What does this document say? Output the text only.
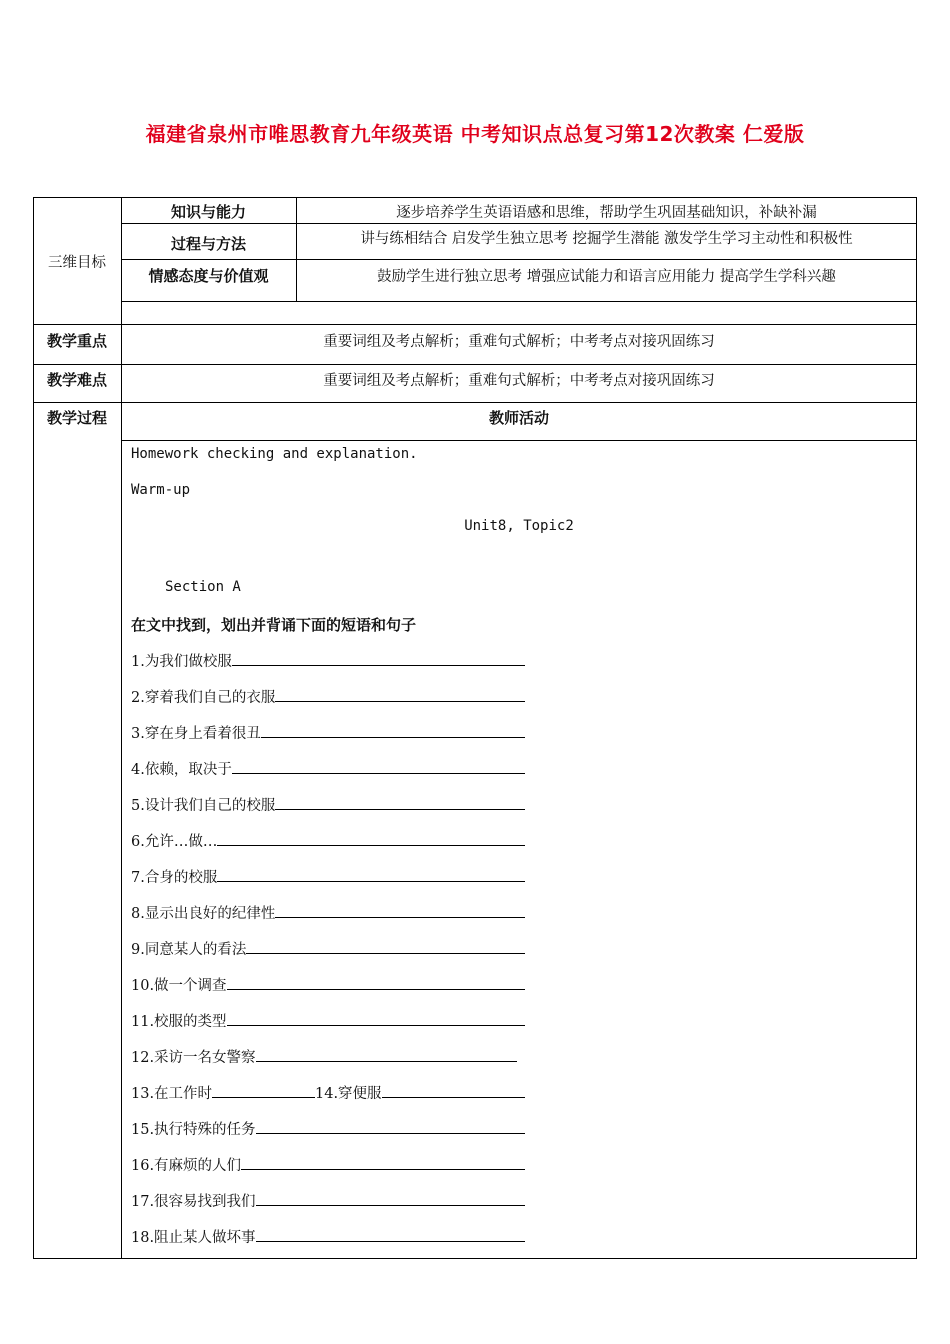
福建省泉州市唯思教育九年级英语 中考知识点总复习第12次教案 仁爱版
三维目标
知识与能力	逐步培养学生英语语感和思维，帮助学生巩固基础知识，补缺补漏
过程与方法	讲与练相结合 启发学生独立思考 挖掘学生潜能 激发学生学习主动性和积极性
情感态度与价值观	鼓励学生进行独立思考 增强应试能力和语言应用能力 提高学生学科兴趣
教学重点	重要词组及考点解析；重难句式解析；中考考点对接巩固练习
教学难点	重要词组及考点解析；重难句式解析；中考考点对接巩固练习
教学过程	教师活动
Homework checking and explanation.
Warm-up
Unit8, Topic2
Section A
在文中找到，划出并背诵下面的短语和句子
1.为我们做校服
2.穿着我们自己的衣服
3.穿在身上看着很丑
4.依赖，取决于
5.设计我们自己的校服
6.允许…做…
7.合身的校服
8.显示出良好的纪律性
9.同意某人的看法
10.做一个调查
11.校服的类型
12.采访一名女警察
13.在工作时	14.穿便服
15.执行特殊的任务
16.有麻烦的人们
17.很容易找到我们
18.阻止某人做坏事
